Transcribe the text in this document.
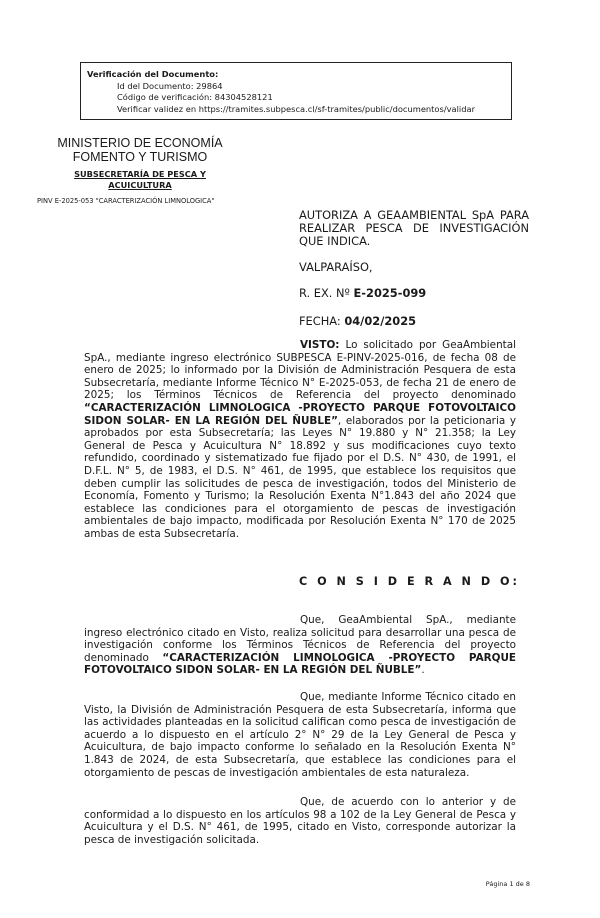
Verificación del Documento:
• Id del Documento: 29864
• Código de verificación: 84304528121
• Verificar validez en https://tramites.subpesca.cl/sf-tramites/public/documentos/validar
MINISTERIO DE ECONOMÍA
FOMENTO Y TURISMO
SUBSECRETARÍA DE PESCA Y
ACUICULTURA
PINV E-2025-053 "CARACTERIZACIÓN LIMNOLOGICA"
AUTORIZA A GEAAMBIENTAL SpA PARA REALIZAR PESCA DE INVESTIGACIÓN QUE INDICA.
VALPARAÍSO,
R. EX. Nº E-2025-099
FECHA: 04/02/2025
VISTO: Lo solicitado por GeaAmbiental SpA., mediante ingreso electrónico SUBPESCA E-PINV-2025-016, de fecha 08 de enero de 2025; lo informado por la División de Administración Pesquera de esta Subsecretaría, mediante Informe Técnico N° E-2025-053, de fecha 21 de enero de 2025; los Términos Técnicos de Referencia del proyecto denominado “CARACTERIZACIÓN LIMNOLOGICA -PROYECTO PARQUE FOTOVOLTAICO SIDON SOLAR- EN LA REGIÓN DEL ÑUBLE”, elaborados por la peticionaria y aprobados por esta Subsecretaría; las Leyes N° 19.880 y N° 21.358; la Ley General de Pesca y Acuicultura N° 18.892 y sus modificaciones cuyo texto refundido, coordinado y sistematizado fue fijado por el D.S. N° 430, de 1991, el D.F.L. N° 5, de 1983, el D.S. N° 461, de 1995, que establece los requisitos que deben cumplir las solicitudes de pesca de investigación, todos del Ministerio de Economía, Fomento y Turismo; la Resolución Exenta N°1.843 del año 2024 que establece las condiciones para el otorgamiento de pescas de investigación ambientales de bajo impacto, modificada por Resolución Exenta N° 170 de 2025 ambas de esta Subsecretaría.
C O N S I D E R A N D O:
Que, GeaAmbiental SpA., mediante ingreso electrónico citado en Visto, realiza solicitud para desarrollar una pesca de investigación conforme los Términos Técnicos de Referencia del proyecto denominado “CARACTERIZACIÓN LIMNOLOGICA -PROYECTO PARQUE FOTOVOLTAICO SIDON SOLAR- EN LA REGIÓN DEL ÑUBLE”.
Que, mediante Informe Técnico citado en Visto, la División de Administración Pesquera de esta Subsecretaría, informa que las actividades planteadas en la solicitud califican como pesca de investigación de acuerdo a lo dispuesto en el artículo 2° N° 29 de la Ley General de Pesca y Acuicultura, de bajo impacto conforme lo señalado en la Resolución Exenta N° 1.843 de 2024, de esta Subsecretaría, que establece las condiciones para el otorgamiento de pescas de investigación ambientales de esta naturaleza.
Que, de acuerdo con lo anterior y de conformidad a lo dispuesto en los artículos 98 a 102 de la Ley General de Pesca y Acuicultura y el D.S. N° 461, de 1995, citado en Visto, corresponde autorizar la pesca de investigación solicitada.
Página 1 de 8
